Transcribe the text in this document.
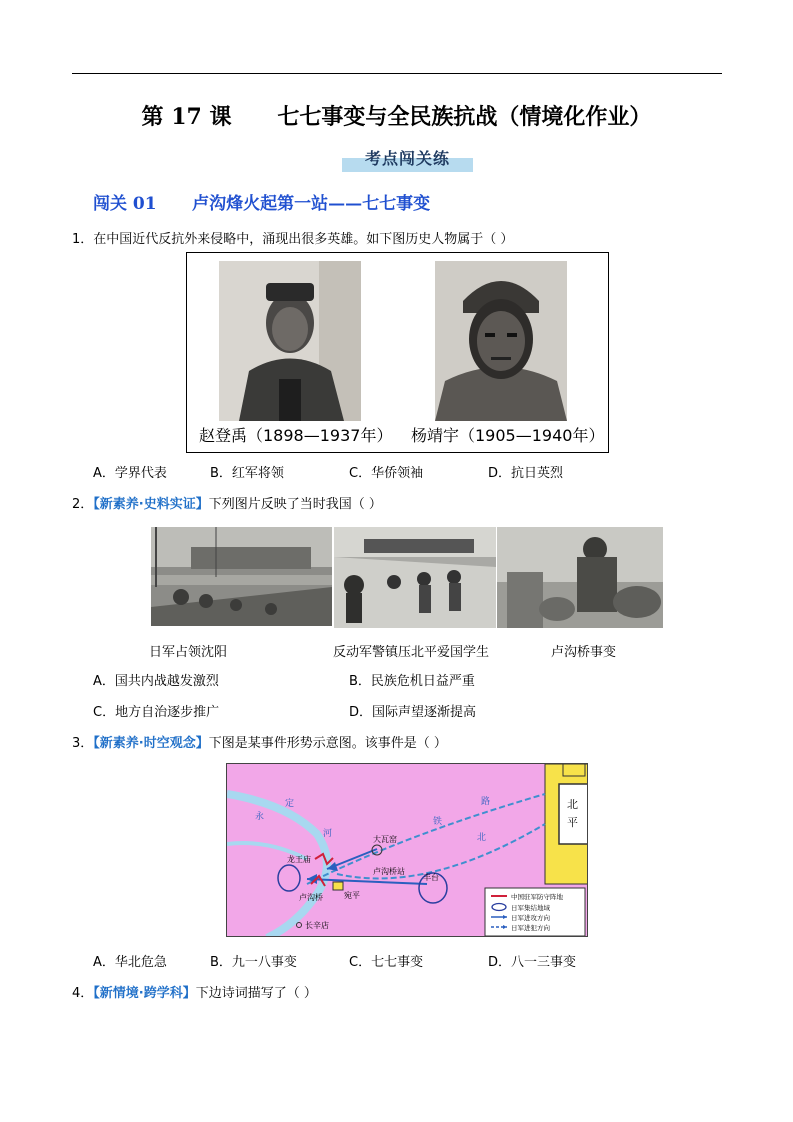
第 17 课      七七事变与全民族抗战（情境化作业）
考点闯关练
闯关 01      卢沟烽火起第一站——七七事变
1．在中国近代反抗外来侵略中，涌现出很多英雄。如下图历史人物属于（ ）
赵登禹（1898—1937年） 杨靖宇（1905—1940年）
A．学界代表	B．红军将领	C．华侨领袖	D．抗日英烈
2．【新素养·史料实证】下列图片反映了当时我国（ ）
日军占领沈阳	反动军警镇压北平爱国学生	卢沟桥事变
A．国共内战越发激烈	B．民族危机日益严重
C．地方自治逐步推广	D．国际声望逐渐提高
3．【新素养·时空观念】下图是某事件形势示意图。该事件是（ ）
北
平
永
定
河
铁
路
北
大瓦窑
龙王庙
宛平
卢沟桥站
丰台
卢沟桥
长辛店
中国驻军防守阵地
日军集结地域
日军进攻方向
日军进犯方向
A．华北危急	B．九一八事变	C．七七事变	D．八一三事变
4．【新情境·跨学科】下边诗词描写了（ ）
